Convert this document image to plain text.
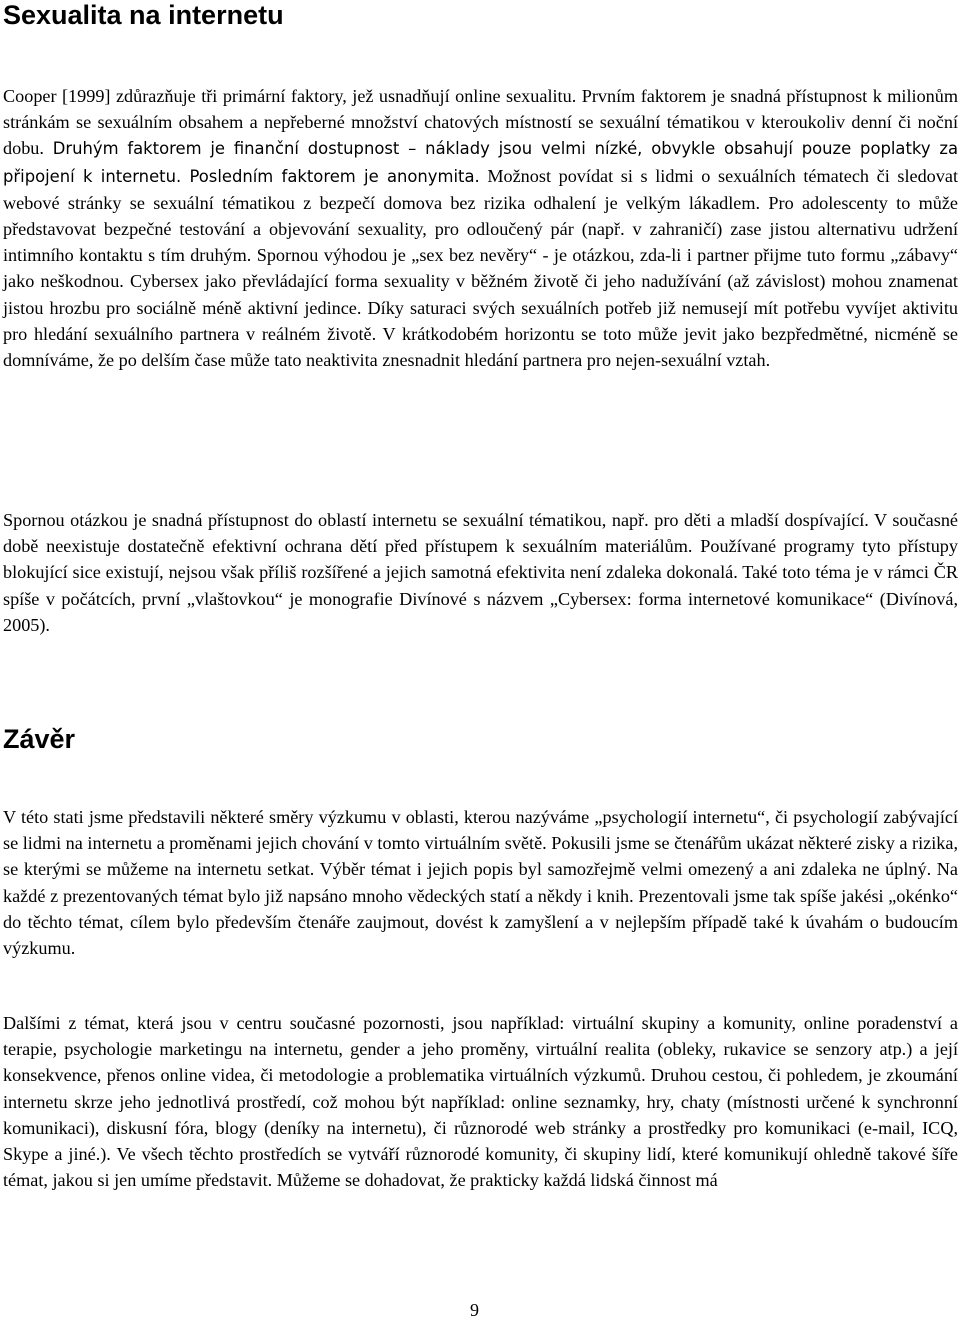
Sexualita na internetu

Cooper [1999] zdůrazňuje tři primární faktory, jež usnadňují online sexualitu. Prvním faktorem je snadná přístupnost k milionům stránkám se sexuálním obsahem a nepřeberné množství chatových místností se sexuální tématikou v kteroukoliv denní či noční dobu. Druhým faktorem je finanční dostupnost – náklady jsou velmi nízké, obvykle obsahují pouze poplatky za připojení k internetu. Posledním faktorem je anonymita. Možnost povídat si s lidmi o sexuálních tématech či sledovat webové stránky se sexuální tématikou z bezpečí domova bez rizika odhalení je velkým lákadlem. Pro adolescenty to může představovat bezpečné testování a objevování sexuality, pro odloučený pár (např. v zahraničí) zase jistou alternativu udržení intimního kontaktu s tím druhým. Spornou výhodou je „sex bez nevěry“ - je otázkou, zda-li i partner přijme tuto formu „zábavy“ jako neškodnou. Cybersex jako převládající forma sexuality v běžném životě či jeho nadužívání (až závislost) mohou znamenat jistou hrozbu pro sociálně méně aktivní jedince. Díky saturaci svých sexuálních potřeb již nemusejí mít potřebu vyvíjet aktivitu pro hledání sexuálního partnera v reálném životě. V krátkodobém horizontu se toto může jevit jako bezpředmětné, nicméně se domníváme, že po delším čase může tato neaktivita znesnadnit hledání partnera pro nejen-sexuální vztah.

Spornou otázkou je snadná přístupnost do oblastí internetu se sexuální tématikou, např. pro děti a mladší dospívající. V současné době neexistuje dostatečně efektivní ochrana dětí před přístupem k sexuálním materiálům. Používané programy tyto přístupy blokující sice existují, nejsou však příliš rozšířené a jejich samotná efektivita není zdaleka dokonalá. Také toto téma je v rámci ČR spíše v počátcích, první „vlaštovkou“ je monografie Divínové s názvem „Cybersex: forma internetové komunikace“ (Divínová, 2005).

Závěr

V této stati jsme představili některé směry výzkumu v oblasti, kterou nazýváme „psychologií internetu“, či psychologií zabývající se lidmi na internetu a proměnami jejich chování v tomto virtuálním světě. Pokusili jsme se čtenářům ukázat některé zisky a rizika, se kterými se můžeme na internetu setkat. Výběr témat i jejich popis byl samozřejmě velmi omezený a ani zdaleka ne úplný. Na každé z prezentovaných témat bylo již napsáno mnoho vědeckých statí a někdy i knih. Prezentovali jsme tak spíše jakési „okénko“ do těchto témat, cílem bylo především čtenáře zaujmout, dovést k zamyšlení a v nejlepším případě také k úvahám o budoucím výzkumu.

Dalšími z témat, která jsou v centru současné pozornosti, jsou například: virtuální skupiny a komunity, online poradenství a terapie, psychologie marketingu na internetu, gender a jeho proměny, virtuální realita (obleky, rukavice se senzory atp.) a její konsekvence, přenos online videa, či metodologie a problematika virtuálních výzkumů. Druhou cestou, či pohledem, je zkoumání internetu skrze jeho jednotlivá prostředí, což mohou být například: online seznamky, hry, chaty (místnosti určené k synchronní komunikaci), diskusní fóra, blogy (deníky na internetu), či různorodé web stránky a prostředky pro komunikaci (e-mail, ICQ, Skype a jiné.). Ve všech těchto prostředích se vytváří různorodé komunity, či skupiny lidí, které komunikují ohledně takové šíře témat, jakou si jen umíme představit. Můžeme se dohadovat, že prakticky každá lidská činnost má

9
